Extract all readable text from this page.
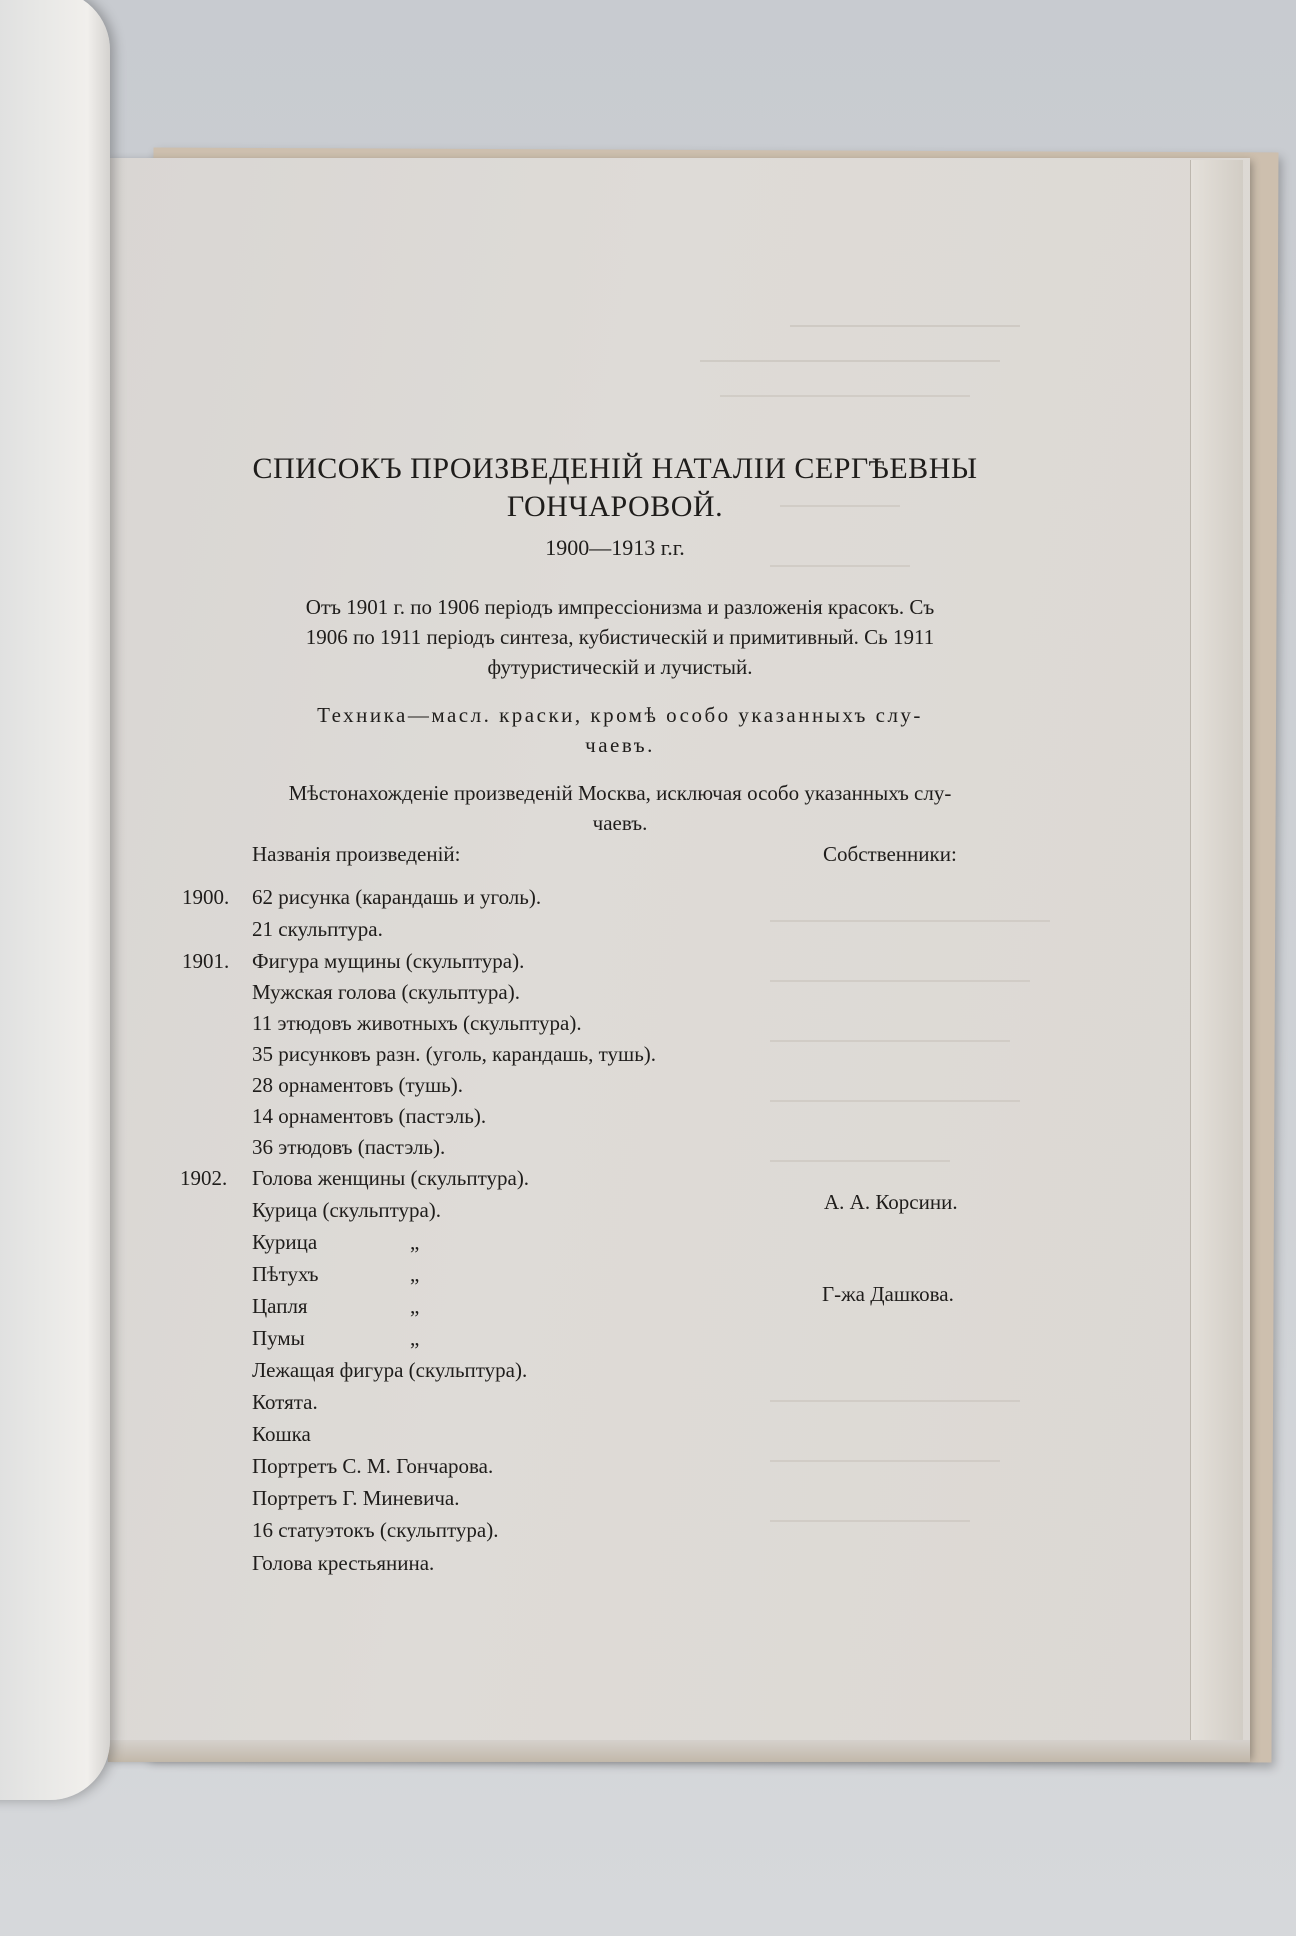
СПИСОКЪ ПРОИЗВЕДЕНІЙ НАТАЛІИ СЕРГѢЕВНЫ
ГОНЧАРОВОЙ.
1900—1913 г.г.
Отъ 1901 г. по 1906 періодъ импрессіонизма и разложенія красокъ. Съ
1906 по 1911 періодъ синтеза, кубистическій и примитивный. Сь 1911
футуристическій и лучистый.
Техника—масл. краски, кромѣ особо указанныхъ слу-
чаевъ.
Мѣстонахожденіе произведеній Москва, исключая особо указанныхъ слу-
чаевъ.
Названія произведеній:	Собственники:
1900. 62 рисунка (карандашь и уголь).
21 скульптура.
1901. Фигура мущины (скульптура).
Мужская голова (скульптура).
11 этюдовъ животныхъ (скульптура).
35 рисунковъ разн. (уголь, карандашь, тушь).
28 орнаментовъ (тушь).
14 орнаментовъ (пастэль).
36 этюдовъ (пастэль).
1902. Голова женщины (скульптура).
Курица (скульптура).	А. А. Корсини.
Курица	„
Пѣтухъ	„
Цапля	„	Г-жа Дашкова.
Пумы	„
Лежащая фигура (скульптура).
Котята.
Кошка
Портретъ С. М. Гончарова.
Портретъ Г. Миневича.
16 статуэтокъ (скульптура).
Голова крестьянина.
